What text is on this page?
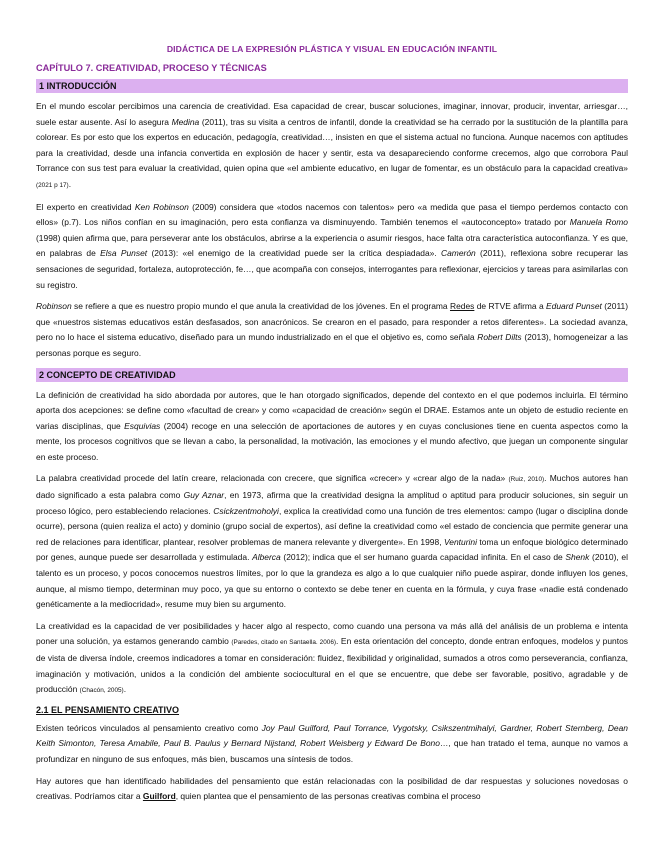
DIDÁCTICA DE LA EXPRESIÓN PLÁSTICA Y VISUAL EN EDUCACIÓN INFANTIL
CAPÍTULO 7. CREATIVIDAD, PROCESO Y TÉCNICAS
1 INTRODUCCIÓN

En el mundo escolar percibimos una carencia de creatividad. Esa capacidad de crear, buscar soluciones, imaginar, innovar, producir, inventar, arriesgar…, suele estar ausente. Así lo asegura Medina (2011), tras su visita a centros de infantil, donde la creatividad se ha cerrado por la sustitución de la plantilla para colorear. Es por esto que los expertos en educación, pedagogía, creatividad…, insisten en que el sistema actual no funciona. Aunque nacemos con aptitudes para la creatividad, desde una infancia convertida en explosión de hacer y sentir, esta va desapareciendo conforme crecemos, algo que corrobora Paul Torrance con sus test para evaluar la creatividad, quien opina que «el ambiente educativo, en lugar de fomentar, es un obstáculo para la capacidad creativa» (2021 p 17).

El experto en creatividad Ken Robinson (2009) considera que «todos nacemos con talentos» pero «a medida que pasa el tiempo perdemos contacto con ellos» (p.7). Los niños confían en su imaginación, pero esta confianza va disminuyendo. También tenemos el «autoconcepto» tratado por Manuela Romo (1998) quien afirma que, para perseverar ante los obstáculos, abrirse a la experiencia o asumir riesgos, hace falta otra característica autoconfianza. Y es que, en palabras de Elsa Punset (2013): «el enemigo de la creatividad puede ser la crítica despiadada». Camerón (2011), reflexiona sobre recuperar las sensaciones de seguridad, fortaleza, autoprotección, fe…, que acompaña con consejos, interrogantes para reflexionar, ejercicios y tareas para asimilarlas con su registro.

Robinson se refiere a que es nuestro propio mundo el que anula la creatividad de los jóvenes. En el programa Redes de RTVE afirma a Eduard Punset (2011) que «nuestros sistemas educativos están desfasados, son anacrónicos. Se crearon en el pasado, para responder a retos diferentes». La sociedad avanza, pero no lo hace el sistema educativo, diseñado para un mundo industrializado en el que el objetivo es, como señala Robert Dilts (2013), homogeneizar a las personas porque es seguro.

2 CONCEPTO DE CREATIVIDAD

La definición de creatividad ha sido abordada por autores, que le han otorgado significados, depende del contexto en el que podemos incluirla. El término aporta dos acepciones: se define como «facultad de crear» y como «capacidad de creación» según el DRAE. Estamos ante un objeto de estudio reciente en varias disciplinas, que Esquivias (2004) recoge en una selección de aportaciones de autores y en cuyas conclusiones tiene en cuenta aspectos como la mente, los procesos cognitivos que se llevan a cabo, la personalidad, la motivación, las emociones y el mundo afectivo, que juegan un componente singular en este proceso.

La palabra creatividad procede del latín creare, relacionada con crecere, que significa «crecer» y «crear algo de la nada» (Ruiz, 2010). Muchos autores han dado significado a esta palabra como Guy Aznar, en 1973, afirma que la creatividad designa la amplitud o aptitud para producir soluciones, sin seguir un proceso lógico, pero estableciendo relaciones. Csickzentmoholyi, explica la creatividad como una función de tres elementos: campo (lugar o disciplina donde ocurre), persona (quien realiza el acto) y dominio (grupo social de expertos), así define la creatividad como «el estado de conciencia que permite generar una red de relaciones para identificar, plantear, resolver problemas de manera relevante y divergente». En 1998, Venturini toma un enfoque biológico determinado por genes, aunque puede ser desarrollada y estimulada. Alberca (2012); indica que el ser humano guarda capacidad infinita. En el caso de Shenk (2010), el talento es un proceso, y pocos conocemos nuestros límites, por lo que la grandeza es algo a lo que cualquier niño puede aspirar, donde influyen los genes, aunque, al mismo tiempo, determinan muy poco, ya que su entorno o contexto se debe tener en cuenta en la fórmula, y cuya frase «nadie está condenado genéticamente a la mediocridad», resume muy bien su argumento.

La creatividad es la capacidad de ver posibilidades y hacer algo al respecto, como cuando una persona va más allá del análisis de un problema e intenta poner una solución, ya estamos generando cambio (Paredes, citado en Santaella. 2006). En esta orientación del concepto, donde entran enfoques, modelos y puntos de vista de diversa índole, creemos indicadores a tomar en consideración: fluidez, flexibilidad y originalidad, sumados a otros como perseverancia, confianza, imaginación y motivación, unidos a la condición del ambiente sociocultural en el que se encuentre, que debe ser favorable, positivo, agradable y de producción (Chacón, 2005).

2.1 EL PENSAMIENTO CREATIVO

Existen teóricos vinculados al pensamiento creativo como Joy Paul Guilford, Paul Torrance, Vygotsky, Csikszentmihalyi, Gardner, Robert Sternberg, Dean Keith Simonton, Teresa Amabile, Paul B. Paulus y Bernard Nijstand, Robert Weisberg y Edward De Bono…, que han tratado el tema, aunque no vamos a profundizar en ninguno de sus enfoques, más bien, buscamos una síntesis de todos.

Hay autores que han identificado habilidades del pensamiento que están relacionadas con la posibilidad de dar respuestas y soluciones novedosas o creativas. Podríamos citar a Guilford, quien plantea que el pensamiento de las personas creativas combina el proceso
